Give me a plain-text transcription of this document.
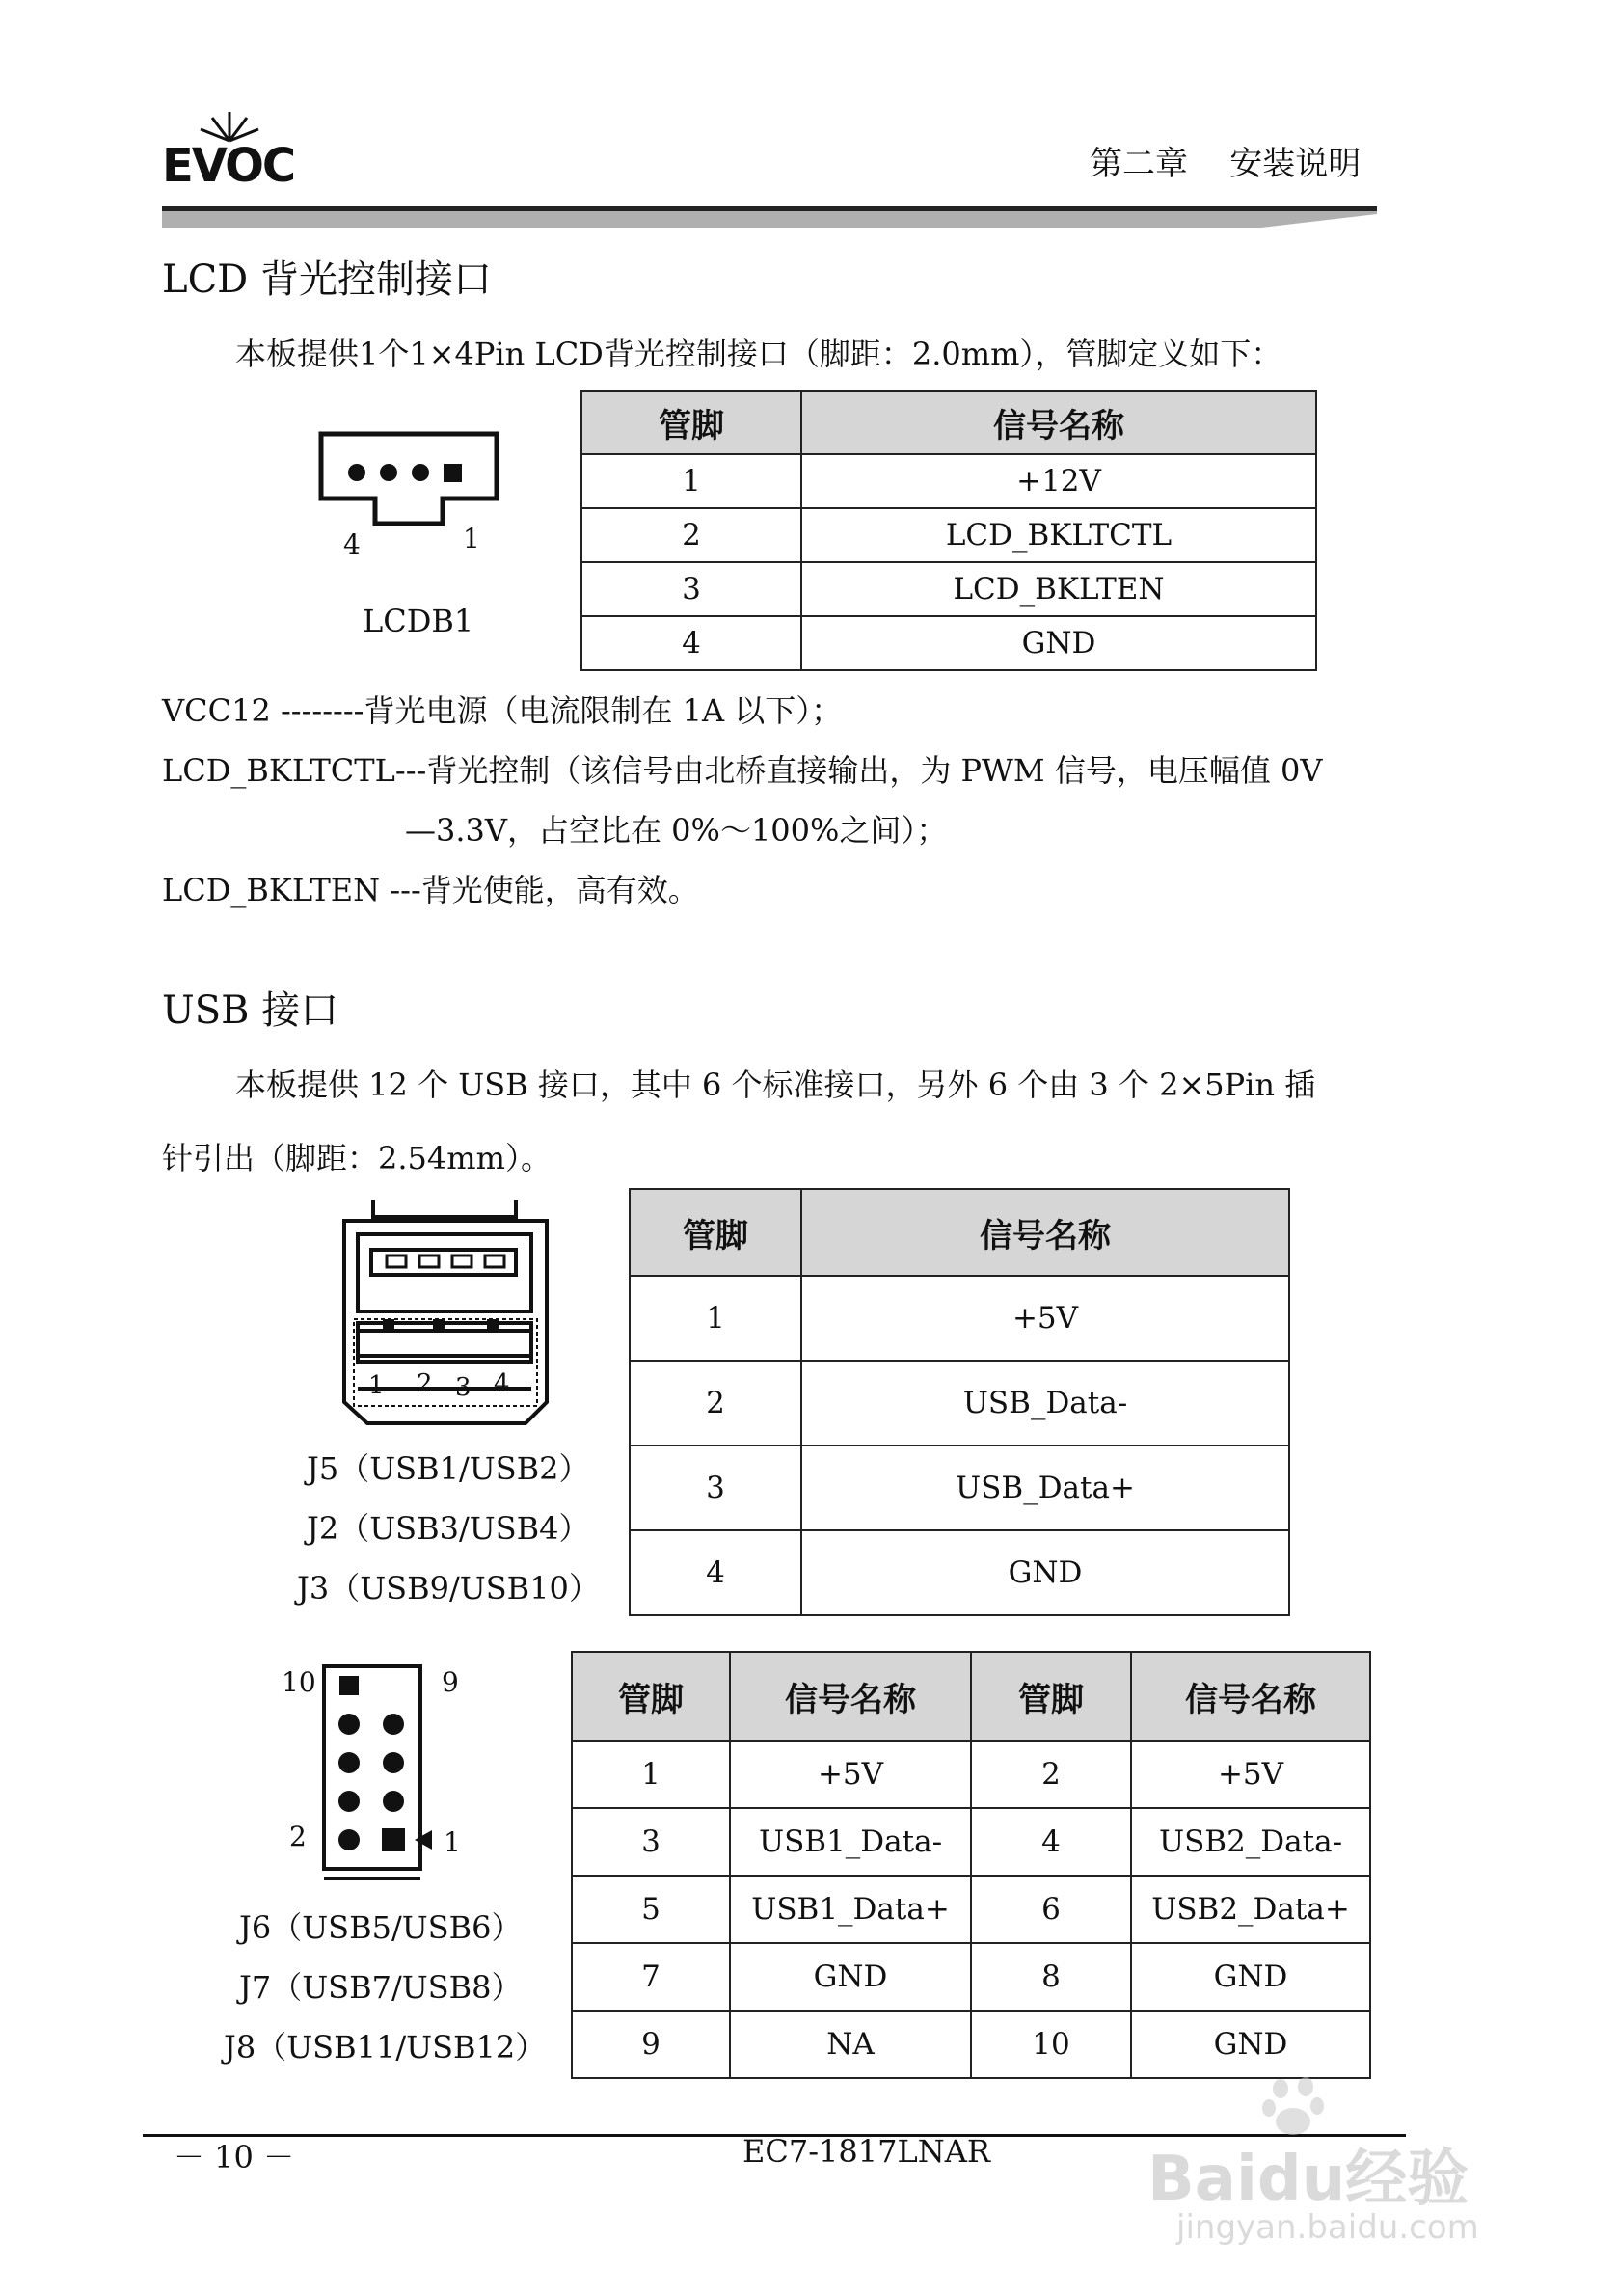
EVOC	第二章    安装说明
LCD 背光控制接口

本板提供1个1×4Pin LCD背光控制接口（脚距：2.0mm），管脚定义如下：

4	1
LCDB1
管脚	信号名称
1	+12V
2	LCD_BKLTCTL
3	LCD_BKLTEN
4	GND

VCC12 --------背光电源（电流限制在 1A 以下）；

LCD_BKLTCTL---背光控制（该信号由北桥直接输出，为 PWM 信号，电压幅值 0V

—3.3V，占空比在 0%～100%之间）；

LCD_BKLTEN ---背光使能，高有效。

USB 接口

本板提供 12 个 USB 接口，其中 6 个标准接口，另外 6 个由 3 个 2×5Pin 插

针引出（脚距：2.54mm）。

1 2 3 4
J5（USB1/USB2）
J2（USB3/USB4）
J3（USB9/USB10）
管脚	信号名称
1	+5V
2	USB_Data-
3	USB_Data+
4	GND
10	9
2	1
J6（USB5/USB6）
J7（USB7/USB8）
J8（USB11/USB12）
管脚	信号名称	管脚	信号名称
1	+5V	2	+5V
3	USB1_Data-	4	USB2_Data-
5	USB1_Data+	6	USB2_Data+
7	GND	8	GND
9	NA	10	GND
－ 10 －	EC7-1817LNAR	Baidu经验
jingyan.baidu.com
